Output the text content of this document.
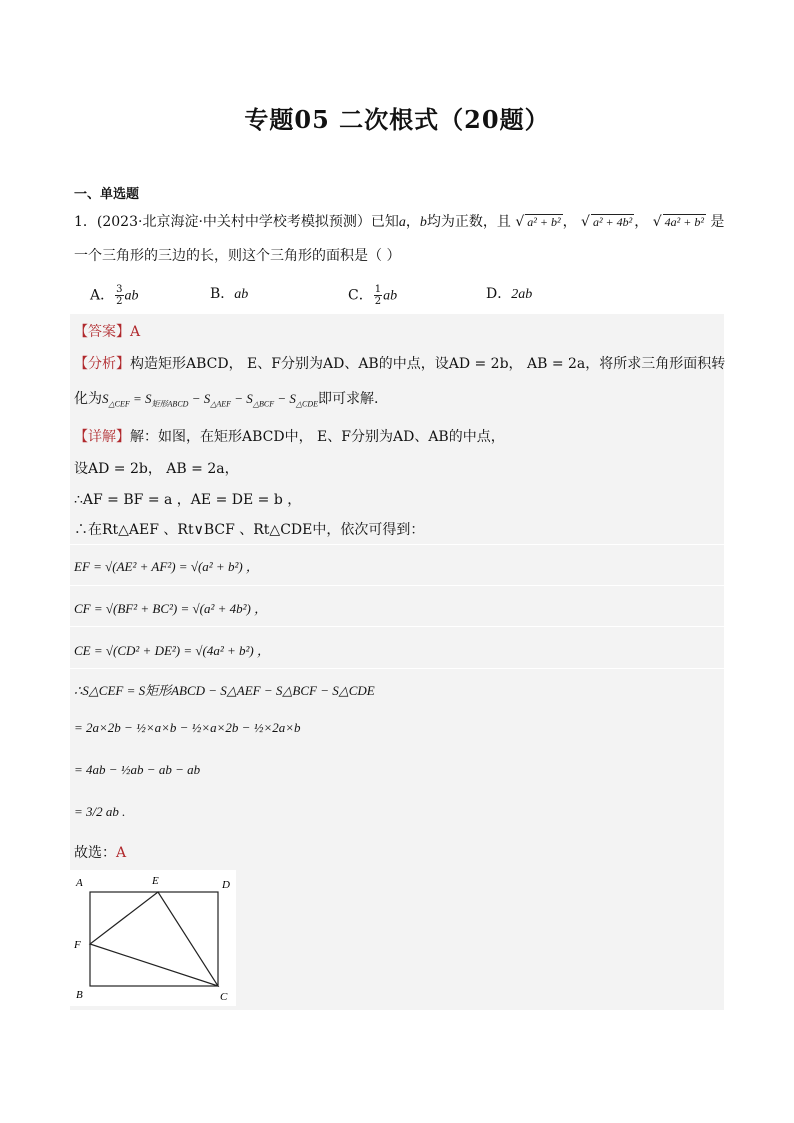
专题05 二次根式（20题）
一、单选题
1．(2023·北京海淀·中关村中学校考模拟预测）已知a，b均为正数，且 √ a² + b² ， √ a² + 4b² ， √ 4a² + b² 是
一个三角形的三边的长，则这个三角形的面积是（ ）
A． $\frac{3}{2}$ ab	B．ab	C． $\frac{1}{2}$ ab	D．2ab
【答案】A
【分析】构造矩形ABCD， E、F分别为AD、AB的中点，设AD = 2b， AB = 2a，将所求三角形面积转
化为$S_{\triangle CEF} = S_{矩形ABCD} - S_{\triangle AEF} - S_{\triangle BCF} - S_{\triangle CDE}$即可求解.
【详解】解：如图，在矩形ABCD中， E、F分别为AD、AB的中点，
设AD = 2b， AB = 2a，
∴AF = BF = a ，AE = DE = b ，
∴在Rt△AEF 、Rt∨BCF 、Rt△CDE中，依次可得到：
EF = √(AE² + AF²) = √(a² + b²) ，
CF = √(BF² + BC²) = √(a² + 4b²) ，
CE = √(CD² + DE²) = √(4a² + b²) ，
∴S△CEF = S矩形ABCD − S△AEF − S△BCF − S△CDE
= 2a×2b − ½×a×b − ½×a×2b − ½×2a×b
= 4ab − ½ab − ab − ab
= 3/2 ab .
故选：A
A	E	D
F
B	C
